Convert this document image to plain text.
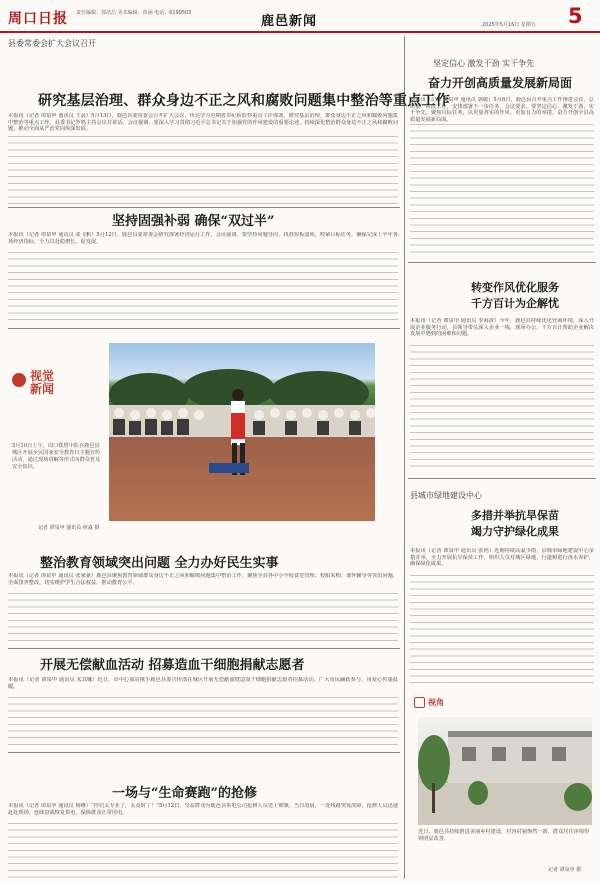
周口日报 责任编辑：郭培昌 美术编辑：苗涵 电话：6199503
鹿邑新闻	2025年5月16日 星期五 5
县委常委会扩大会议召开
研究基层治理、群众身边不正之风和腐败问题集中整治等重点工作

本报讯（记者 谭泉申 通讯员 王晨）5月13日，鹿邑县委常委会召开扩大会议，传达学习近期省市纪检监察重点工作部署，研究基层治理、群众身边不正之风和腐败问题集中整治等重点工作。县委书记罗鸣主持会议并讲话。会议强调，要深入学习贯彻习近平总书记关于加强党的作风建设的重要论述，持续深化整治群众身边不正之风和腐败问题，推动全面从严治党向纵深发展。

坚持固强补弱 确保“双过半”

本报讯（记者 谭泉申 通讯员 张飞帆）5月12日，鹿邑县委常委会研究部署经济运行工作。会议强调，要坚持问题导向，找准短板弱项，咬紧目标任务，确保完成上半年各项经济指标，全力以赴稳增长、促发展。

视觉
新闻
5月10日上午，周口铁塔中队在鹿邑县城区开展全民国家安全教育日主题宣传活动，通过现场讲解等形式向群众普及安全知识。
记者 谭泉申 通讯员 何淼 摄
整治教育领域突出问题 全力办好民生实事

本报讯（记者 谭泉申 通讯员 张家豪）鹿邑县聚焦教育领域群众身边不正之风和腐败问题集中整治工作，聚焦全县各中小学校食堂管理、校服采购、课外辅导等突出问题，全面排查整改，切实维护学生合法权益，推动教育公平。

开展无偿献血活动 招募造血干细胞捐献志愿者

本报讯（记者 谭泉申 通讯员 朱其娜）近日，市中心血站携手鹿邑县委宣传部在城区开展无偿献血暨造血干细胞捐献志愿者招募活动，广大市民踊跃参与，用爱心传递温暖。

一场与“生命赛跑”的抢修

本报讯（记者 谭泉申 通讯员 杨继）“你们太专业了，太及时了！”5月12日，受益群众为鹿邑县供电公司抢修人员送上锦旗。当日凌晨，一处线路突发故障，抢修人员迅速赶赴现场，连续奋战恢复供电，保障群众正常用电。

坚定信心 激发干劲 实干争先
奋力开创高质量发展新局面

本报讯（记者 谭泉申 通讯员 郭敏）5月8日，鹿邑县召开重点工作推进会议，总结前一阶段工作，安排部署下一步任务。会议要求，要坚定信心、激发干劲、实干争先，聚焦目标任务，以更加务实的作风、更加有力的举措，奋力开创全县高质量发展新局面。

转变作风优化服务
千方百计为企解忧

本报讯（记者 谭泉申 通讯员 李海波）今年，鹿邑县持续优化营商环境，深入开展企业服务行动，县领导带头深入企业一线，现场办公，千方百计帮助企业解决发展中遇到的困难和问题。

县城市绿地建设中心
多措并举抗旱保苗
竭力守护绿化成果

本报讯（记者 谭泉申 通讯员 张艳）近期持续高温少雨，县城市绿地建设中心多措并举，全力开展抗旱保苗工作，组织人员对城区绿地、行道树进行浇水养护，确保绿化成果。

视角
近日，鹿邑县持续推进美丽乡村建设，村容村貌焕然一新，群众居住环境得到明显改善。
记者 谭泉申 摄
